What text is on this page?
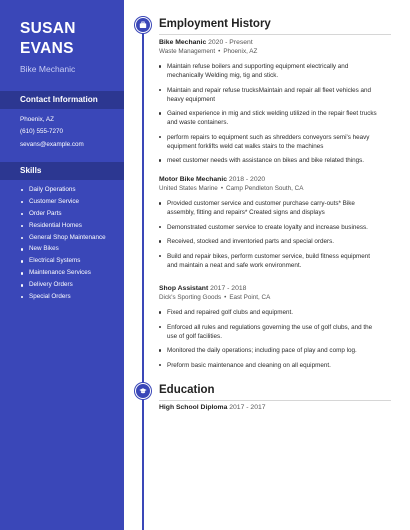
SUSAN
EVANS
Bike Mechanic
Contact Information
Phoenix, AZ
(610) 555-7270
sevans@example.com
Skills
Daily Operations
Customer Service
Order Parts
Residential Homes
General Shop Maintenance
New Bikes
Electrical Systems
Maintenance Services
Delivery Orders
Special Orders
Employment History
Bike Mechanic 2020 - Present
Waste Management • Phoenix, AZ
Maintain refuse boilers and supporting equipment electrically and mechanically Welding mig, tig and stick.
Maintain and repair refuse trucksMaintain and repair all fleet vehicles and heavy equipment
Gained experience in mig and stick welding utilized in the repair fleet trucks and waste containers.
perform repairs to equipment such as shredders conveyors semi's heavy equipment forklifts weld cat walks stairs to the machines
meet customer needs with assistance on bikes and bike related things.
Motor Bike Mechanic 2018 - 2020
United States Marine • Camp Pendleton South, CA
Provided customer service and customer purchase carry-outs* Bike assembly, fitting and repairs* Created signs and displays
Demonstrated customer service to create loyalty and increase business.
Received, stocked and inventoried parts and special orders.
Build and repair bikes, perform customer service, build fitness equipment and maintain a neat and safe work environment.
Shop Assistant 2017 - 2018
Dick's Sporting Goods • East Point, CA
Fixed and repaired golf clubs and equipment.
Enforced all rules and regulations governing the use of golf clubs, and the use of golf facilities.
Monitored the daily operations; including pace of play and comp log.
Preform basic maintenance and cleaning on all equipment.
Education
High School Diploma 2017 - 2017
